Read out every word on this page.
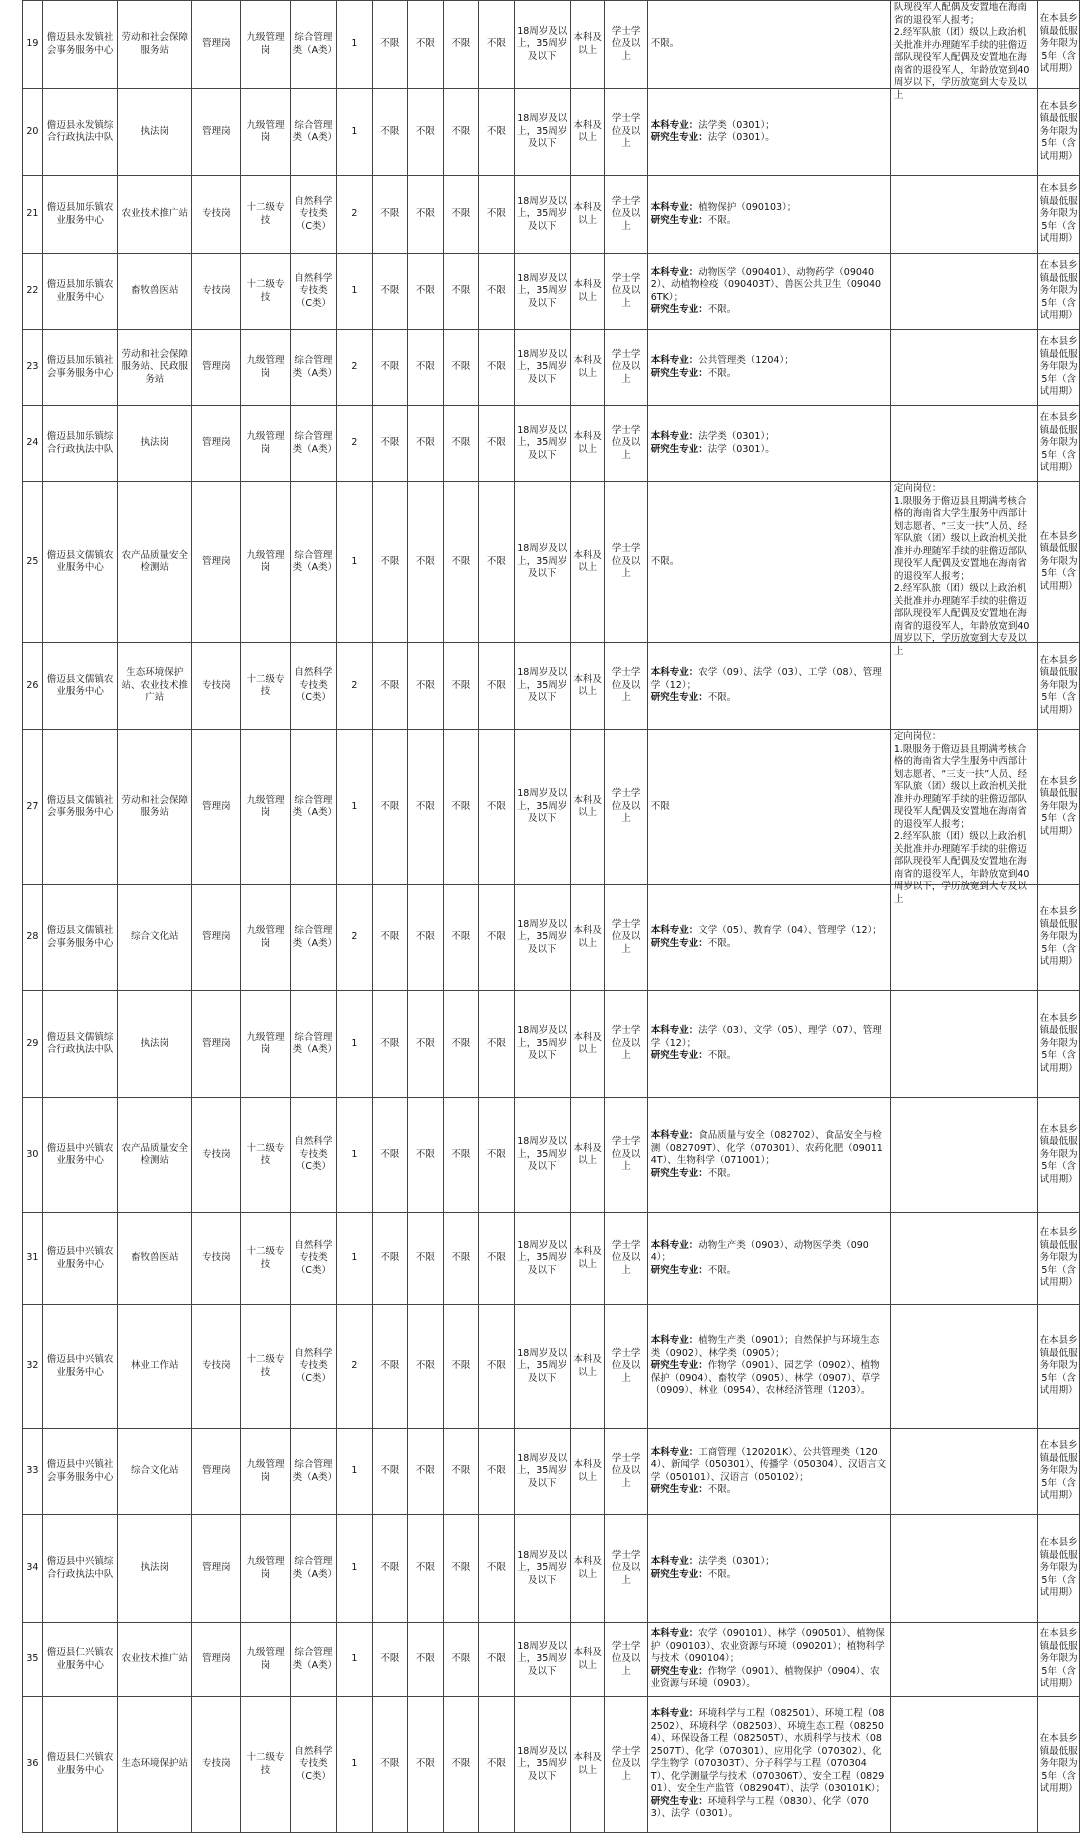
19	儋迈县永发镇社会事务服务中心	劳动和社会保障服务站	管理岗	九级管理岗	综合管理类（A类）	1	不限	不限	不限	不限	18周岁及以上，35周岁及以下	本科及以上	学士学位及以上	不限。	队现役军人配偶及安置地在海南省的退役军人报考；
2.经军队旅（团）级以上政治机关批准并办理随军手续的驻儋迈部队现役军人配偶及安置地在海南省的退役军人，年龄放宽到40周岁以下，学历放宽到大专及以上	在本县乡镇最低服务年限为5年（含试用期）

20	儋迈县永发镇综合行政执法中队	执法岗	管理岗	九级管理岗	综合管理类（A类）	1	不限	不限	不限	不限	18周岁及以上，35周岁及以下	本科及以上	学士学位及以上	本科专业：法学类（0301）；
研究生专业：法学（0301）。		在本县乡镇最低服务年限为5年（含试用期）

21	儋迈县加乐镇农业服务中心	农业技术推广站	专技岗	十二级专技	自然科学专技类（C类）	2	不限	不限	不限	不限	18周岁及以上，35周岁及以下	本科及以上	学士学位及以上	本科专业：植物保护（090103）；
研究生专业：不限。		在本县乡镇最低服务年限为5年（含试用期）

22	儋迈县加乐镇农业服务中心	畜牧兽医站	专技岗	十二级专技	自然科学专技类（C类）	1	不限	不限	不限	不限	18周岁及以上，35周岁及以下	本科及以上	学士学位及以上	本科专业：动物医学（090401）、动物药学（090402）、动植物检疫（090403T）、兽医公共卫生（090406TK）；
研究生专业：不限。		在本县乡镇最低服务年限为5年（含试用期）

23	儋迈县加乐镇社会事务服务中心	劳动和社会保障服务站、民政服务站	管理岗	九级管理岗	综合管理类（A类）	2	不限	不限	不限	不限	18周岁及以上，35周岁及以下	本科及以上	学士学位及以上	本科专业：公共管理类（1204）；
研究生专业：不限。		在本县乡镇最低服务年限为5年（含试用期）

24	儋迈县加乐镇综合行政执法中队	执法岗	管理岗	九级管理岗	综合管理类（A类）	2	不限	不限	不限	不限	18周岁及以上，35周岁及以下	本科及以上	学士学位及以上	本科专业：法学类（0301）；
研究生专业：法学（0301）。		在本县乡镇最低服务年限为5年（含试用期）

25	儋迈县文儒镇农业服务中心	农产品质量安全检测站	管理岗	九级管理岗	综合管理类（A类）	1	不限	不限	不限	不限	18周岁及以上，35周岁及以下	本科及以上	学士学位及以上	不限。	定向岗位：
1.限服务于儋迈县且期满考核合格的海南省大学生服务中西部计划志愿者、“三支一扶”人员、经军队旅（团）级以上政治机关批准并办理随军手续的驻儋迈部队现役军人配偶及安置地在海南省的退役军人报考；
2.经军队旅（团）级以上政治机关批准并办理随军手续的驻儋迈部队现役军人配偶及安置地在海南省的退役军人，年龄放宽到40周岁以下，学历放宽到大专及以上	在本县乡镇最低服务年限为5年（含试用期）

26	儋迈县文儒镇农业服务中心	生态环境保护站、农业技术推广站	专技岗	十二级专技	自然科学专技类（C类）	2	不限	不限	不限	不限	18周岁及以上，35周岁及以下	本科及以上	学士学位及以上	本科专业：农学（09）、法学（03）、工学（08）、管理学（12）；
研究生专业：不限。		在本县乡镇最低服务年限为5年（含试用期）

27	儋迈县文儒镇社会事务服务中心	劳动和社会保障服务站	管理岗	九级管理岗	综合管理类（A类）	1	不限	不限	不限	不限	18周岁及以上，35周岁及以下	本科及以上	学士学位及以上	不限	定向岗位：
1.限服务于儋迈县且期满考核合格的海南省大学生服务中西部计划志愿者、“三支一扶”人员、经军队旅（团）级以上政治机关批准并办理随军手续的驻儋迈部队现役军人配偶及安置地在海南省的退役军人报考；
2.经军队旅（团）级以上政治机关批准并办理随军手续的驻儋迈部队现役军人配偶及安置地在海南省的退役军人，年龄放宽到40周岁以下，学历放宽到大专及以上	在本县乡镇最低服务年限为5年（含试用期）

28	儋迈县文儒镇社会事务服务中心	综合文化站	管理岗	九级管理岗	综合管理类（A类）	2	不限	不限	不限	不限	18周岁及以上，35周岁及以下	本科及以上	学士学位及以上	本科专业：文学（05）、教育学（04）、管理学（12）；
研究生专业：不限。		在本县乡镇最低服务年限为5年（含试用期）

29	儋迈县文儒镇综合行政执法中队	执法岗	管理岗	九级管理岗	综合管理类（A类）	1	不限	不限	不限	不限	18周岁及以上，35周岁及以下	本科及以上	学士学位及以上	本科专业：法学（03）、文学（05）、理学（07）、管理学（12）；
研究生专业：不限。		在本县乡镇最低服务年限为5年（含试用期）

30	儋迈县中兴镇农业服务中心	农产品质量安全检测站	专技岗	十二级专技	自然科学专技类（C类）	1	不限	不限	不限	不限	18周岁及以上，35周岁及以下	本科及以上	学士学位及以上	本科专业：食品质量与安全（082702）、食品安全与检测（082709T）、化学（070301）、农药化肥（090114T）、生物科学（071001）；
研究生专业：不限。		在本县乡镇最低服务年限为5年（含试用期）

31	儋迈县中兴镇农业服务中心	畜牧兽医站	专技岗	十二级专技	自然科学专技类（C类）	1	不限	不限	不限	不限	18周岁及以上，35周岁及以下	本科及以上	学士学位及以上	本科专业：动物生产类（0903）、动物医学类（0904）；
研究生专业：不限。		在本县乡镇最低服务年限为5年（含试用期）

32	儋迈县中兴镇农业服务中心	林业工作站	专技岗	十二级专技	自然科学专技类（C类）	2	不限	不限	不限	不限	18周岁及以上，35周岁及以下	本科及以上	学士学位及以上	本科专业：植物生产类（0901）；自然保护与环境生态类（0902）、林学类（0905）；
研究生专业：作物学（0901）、园艺学（0902）、植物保护（0904）、畜牧学（0905）、林学（0907）、草学（0909）、林业（0954）、农林经济管理（1203）。		在本县乡镇最低服务年限为5年（含试用期）

33	儋迈县中兴镇社会事务服务中心	综合文化站	管理岗	九级管理岗	综合管理类（A类）	1	不限	不限	不限	不限	18周岁及以上，35周岁及以下	本科及以上	学士学位及以上	本科专业：工商管理（120201K）、公共管理类（1204）、新闻学（050301）、传播学（050304）、汉语言文学（050101）、汉语言（050102）；
研究生专业：不限。		在本县乡镇最低服务年限为5年（含试用期）

34	儋迈县中兴镇综合行政执法中队	执法岗	管理岗	九级管理岗	综合管理类（A类）	1	不限	不限	不限	不限	18周岁及以上，35周岁及以下	本科及以上	学士学位及以上	本科专业：法学类（0301）；
研究生专业：不限。		在本县乡镇最低服务年限为5年（含试用期）

35	儋迈县仁兴镇农业服务中心	农业技术推广站	管理岗	九级管理岗	综合管理类（A类）	1	不限	不限	不限	不限	18周岁及以上，35周岁及以下	本科及以上	学士学位及以上	本科专业：农学（090101）、林学（090501）、植物保护（090103）、农业资源与环境（090201）；植物科学与技术（090104）；
研究生专业：作物学（0901）、植物保护（0904）、农业资源与环境（0903）。		在本县乡镇最低服务年限为5年（含试用期）

36	儋迈县仁兴镇农业服务中心	生态环境保护站	专技岗	十二级专技	自然科学专技类（C类）	1	不限	不限	不限	不限	18周岁及以上，35周岁及以下	本科及以上	学士学位及以上	本科专业：环境科学与工程（082501）、环境工程（082502）、环境科学（082503）、环境生态工程（082504）、环保设备工程（082505T）、水质科学与技术（082507T）、化学（070301）、应用化学（070302）、化学生物学（070303T）、分子科学与工程（070304T）、化学测量学与技术（070306T）、安全工程（082901）、安全生产监管（082904T）、法学（030101K）；
研究生专业：环境科学与工程（0830）、化学（0703）、法学（0301）。		在本县乡镇最低服务年限为5年（含试用期）
